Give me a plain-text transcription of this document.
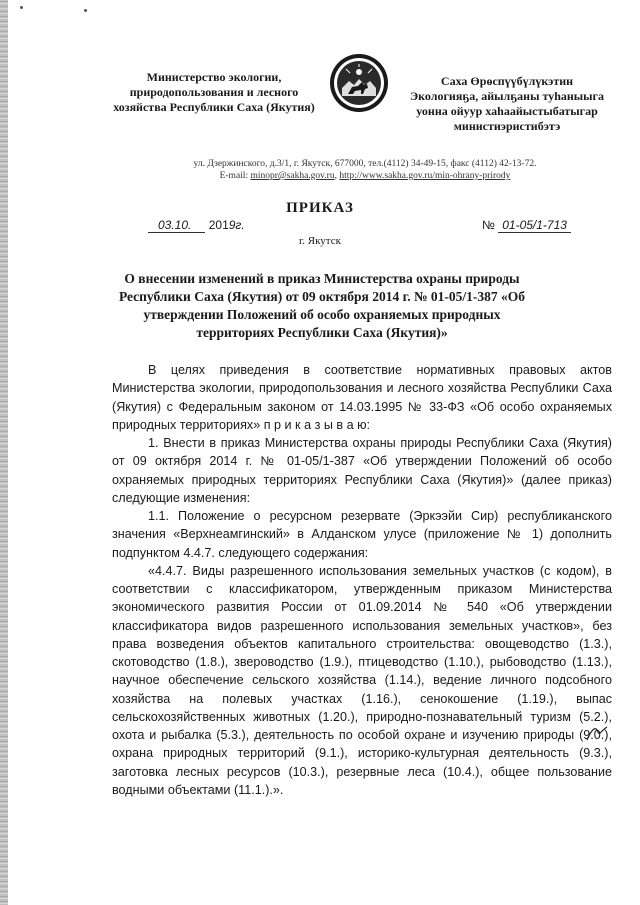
Министерство экологии,
природопользования и лесного
хозяйства Республики Саха (Якутия)
Саха Өрөспүүбүлүкэтин
Экологияҕа, айылҕаны туһаныыга
уонна ойуур хаһаайыстыбатыгар
министиэристибэтэ
ул. Дзержинского, д.3/1, г. Якутск, 677000, тел.(4112) 34-49-15, факс (4112) 42-13-72.
E-mail: minopr@sakha.gov.ru, http://www.sakha.gov.ru/min-ohrany-prirody
ПРИКАЗ
03.10. 2019г.	№ 01-05/1-713
г. Якутск
О внесении изменений в приказ Министерства охраны природы Республики Саха (Якутия) от 09 октября 2014 г. № 01-05/1-387 «Об утверждении Положений об особо охраняемых природных территориях Республики Саха (Якутия)»

В целях приведения в соответствие нормативных правовых актов Министерства экологии, природопользования и лесного хозяйства Республики Саха (Якутия) с Федеральным законом от 14.03.1995 № 33-ФЗ «Об особо охраняемых природных территориях» п р и к а з ы в а ю:

1. Внести в приказ Министерства охраны природы Республики Саха (Якутия) от 09 октября 2014 г. № 01-05/1-387 «Об утверждении Положений об особо охраняемых природных территориях Республики Саха (Якутия)» (далее приказ) следующие изменения:

1.1. Положение о ресурсном резервате (Эркээйи Сир) республиканского значения «Верхнеамгинский» в Алданском улусе (приложение № 1) дополнить подпунктом 4.4.7. следующего содержания:

«4.4.7. Виды разрешенного использования земельных участков (с кодом), в соответствии с классификатором, утвержденным приказом Министерства экономического развития России от 01.09.2014 № 540 «Об утверждении классификатора видов разрешенного использования земельных участков», без права возведения объектов капитального строительства: овощеводство (1.3.), скотоводство (1.8.), звероводство (1.9.), птицеводство (1.10.), рыбоводство (1.13.), научное обеспечение сельского хозяйства (1.14.), ведение личного подсобного хозяйства на полевых участках (1.16.), сенокошение (1.19.), выпас сельскохозяйственных животных (1.20.), природно-познавательный туризм (5.2.), охота и рыбалка (5.3.), деятельность по особой охране и изучению природы (9.0.), охрана природных территорий (9.1.), историко-культурная деятельность (9.3.), заготовка лесных ресурсов (10.3.), резервные леса (10.4.), общее пользование водными объектами (11.1.).».
